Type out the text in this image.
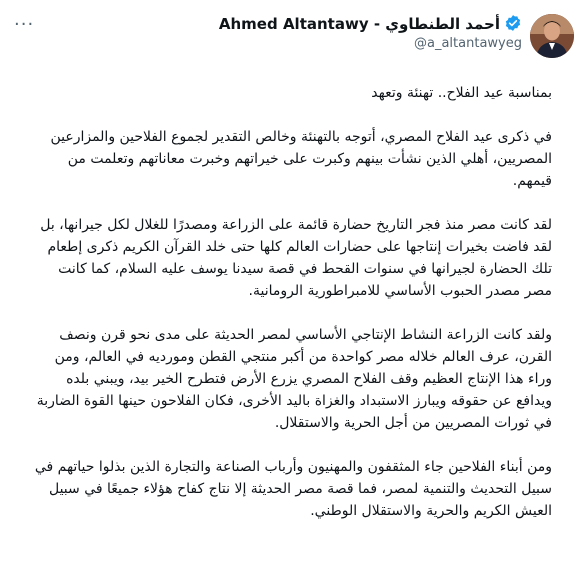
···	Ahmed Altantawy - أحمد الطنطاوي
@a_altantawyeg

بمناسبة عيد الفلاح.. تهنئة وتعهد

في ذكرى عيد الفلاح المصري، أتوجه بالتهنئة وخالص التقدير لجموع الفلاحين والمزارعين المصريين، أهلي الذين نشأت بينهم وكبرت على خيراتهم وخبرت معاناتهم وتعلمت من قيمهم.

لقد كانت مصر منذ فجر التاريخ حضارة قائمة على الزراعة ومصدرًا للغلال لكل جيرانها، بل لقد فاضت بخيرات إنتاجها على حضارات العالم كلها حتى خلد القرآن الكريم ذكرى إطعام تلك الحضارة لجيرانها في سنوات القحط في قصة سيدنا يوسف عليه السلام، كما كانت مصر مصدر الحبوب الأساسي للامبراطورية الرومانية.

ولقد كانت الزراعة النشاط الإنتاجي الأساسي لمصر الحديثة على مدى نحو قرن ونصف القرن، عرف العالم خلاله مصر كواحدة من أكبر منتجي القطن ومورديه في العالم، ومن وراء هذا الإنتاج العظيم وقف الفلاح المصري يزرع الأرض فتطرح الخير بيد، ويبني بلده ويدافع عن حقوقه ويبارز الاستبداد والغزاة باليد الأخرى، فكان الفلاحون حينها القوة الضاربة في ثورات المصريين من أجل الحرية والاستقلال.

ومن أبناء الفلاحين جاء المثقفون والمهنيون وأرباب الصناعة والتجارة الذين بذلوا حياتهم في سبيل التحديث والتنمية لمصر، فما قصة مصر الحديثة إلا نتاج كفاح هؤلاء جميعًا في سبيل العيش الكريم والحرية والاستقلال الوطني.
